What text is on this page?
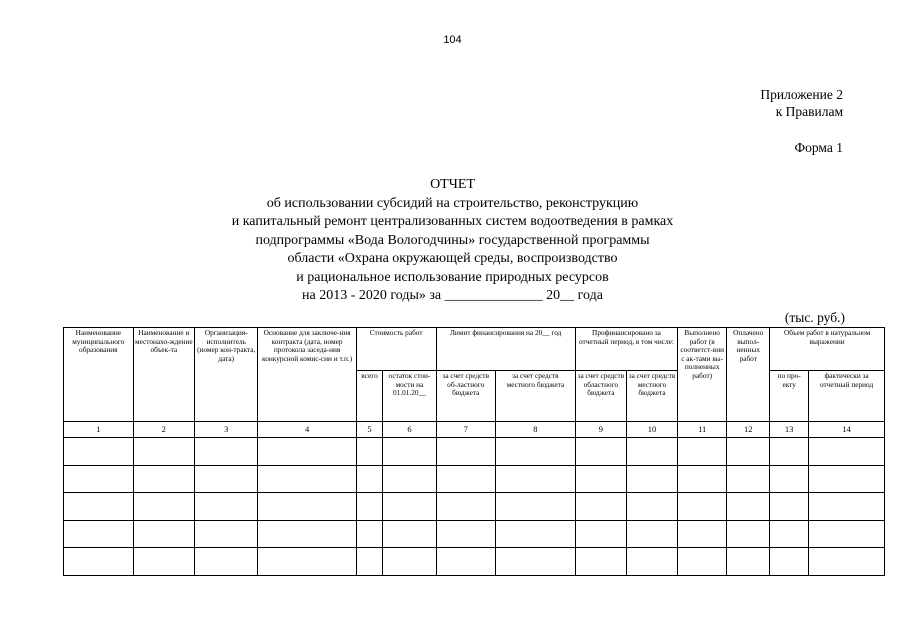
104
Приложение 2
к Правилам
Форма 1
ОТЧЕТ
об использовании субсидий на строительство, реконструкцию
и капитальный ремонт централизованных систем водоотведения в рамках
подпрограммы «Вода Вологодчины» государственной программы
области «Охрана окружающей среды, воспроизводство
и рациональное использование природных ресурсов
на 2013 - 2020 годы» за ______________ 20__ года
(тыс. руб.)
Наименование муниципального образования	Наименование и местонахо-ждение объек-та	Организация-исполнитель (номер кон-тракта, дата)	Основание для заключе-ния контракта (дата, номер протокола заседа-ния конкурсной комис-сии и т.п.)	Стоимость работ		Лимит финансирования на 20__ год		Профинансировано за отчетный период, в том числе:		Выполнено работ (в соответст-вии с ак-тами вы-полненных работ)	Оплачено выпол-ненных работ	Объем работ в натуральном выражении	
				всего	остаток стои-мости на 01.01.20__	за счет средств об-ластного бюджета	за счет средств местного бюджета	за счет средств областного бюджета	за счет средств местного бюджета			по про-екту	фактически за отчетный период
1	2	3	4	5	6	7	8	9	10	11	12	13	14
